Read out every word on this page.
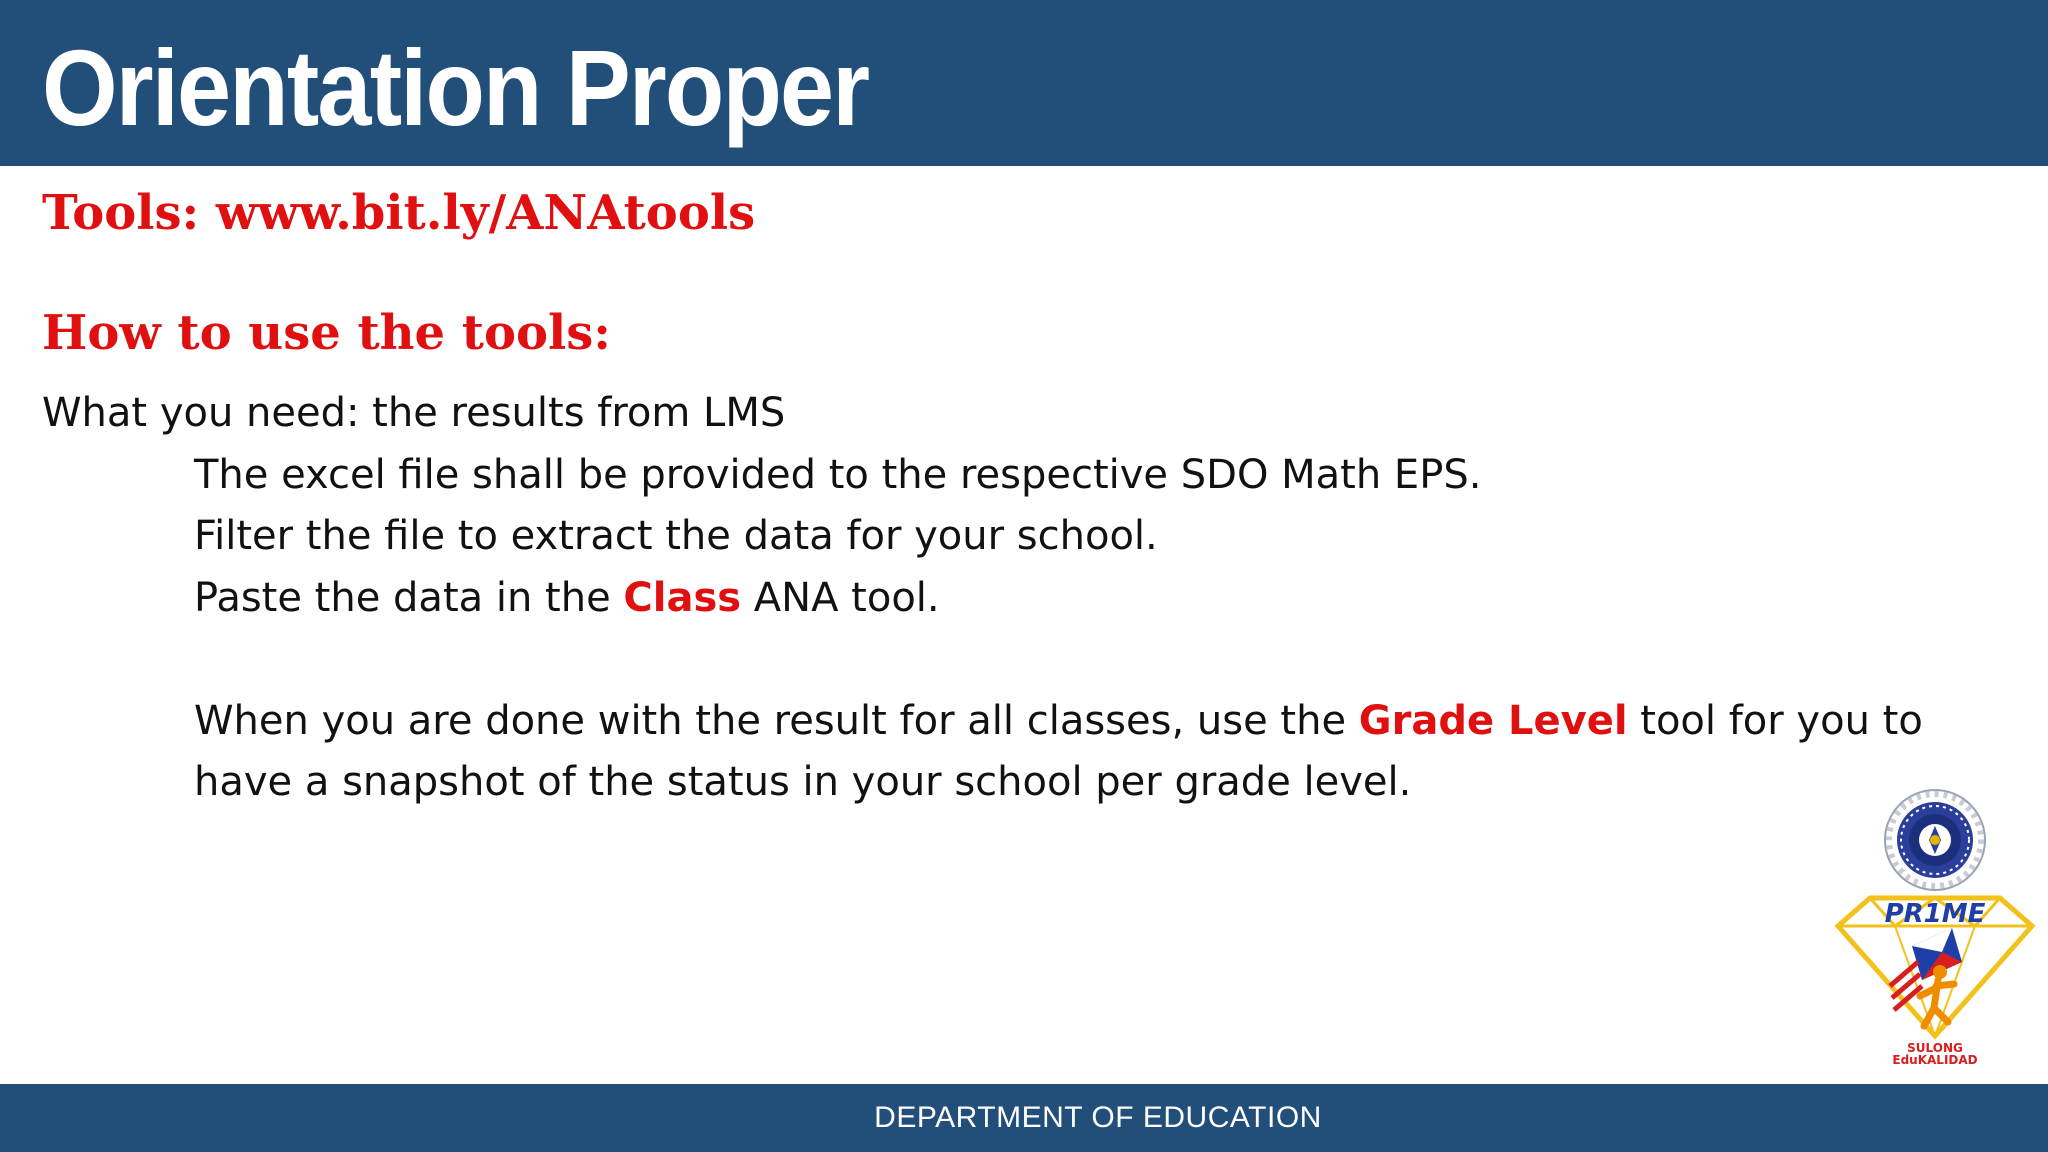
Orientation Proper
Tools: www.bit.ly/ANAtools
How to use the tools:
What you need: the results from LMS
The excel file shall be provided to the respective SDO Math EPS.
Filter the file to extract the data for your school.
Paste the data in the Class ANA tool.
When you are done with the result for all classes, use the Grade Level tool for you to
have a snapshot of the status in your school per grade level.
PR1ME
SULONG
EduKALIDAD
DEPARTMENT OF EDUCATION
